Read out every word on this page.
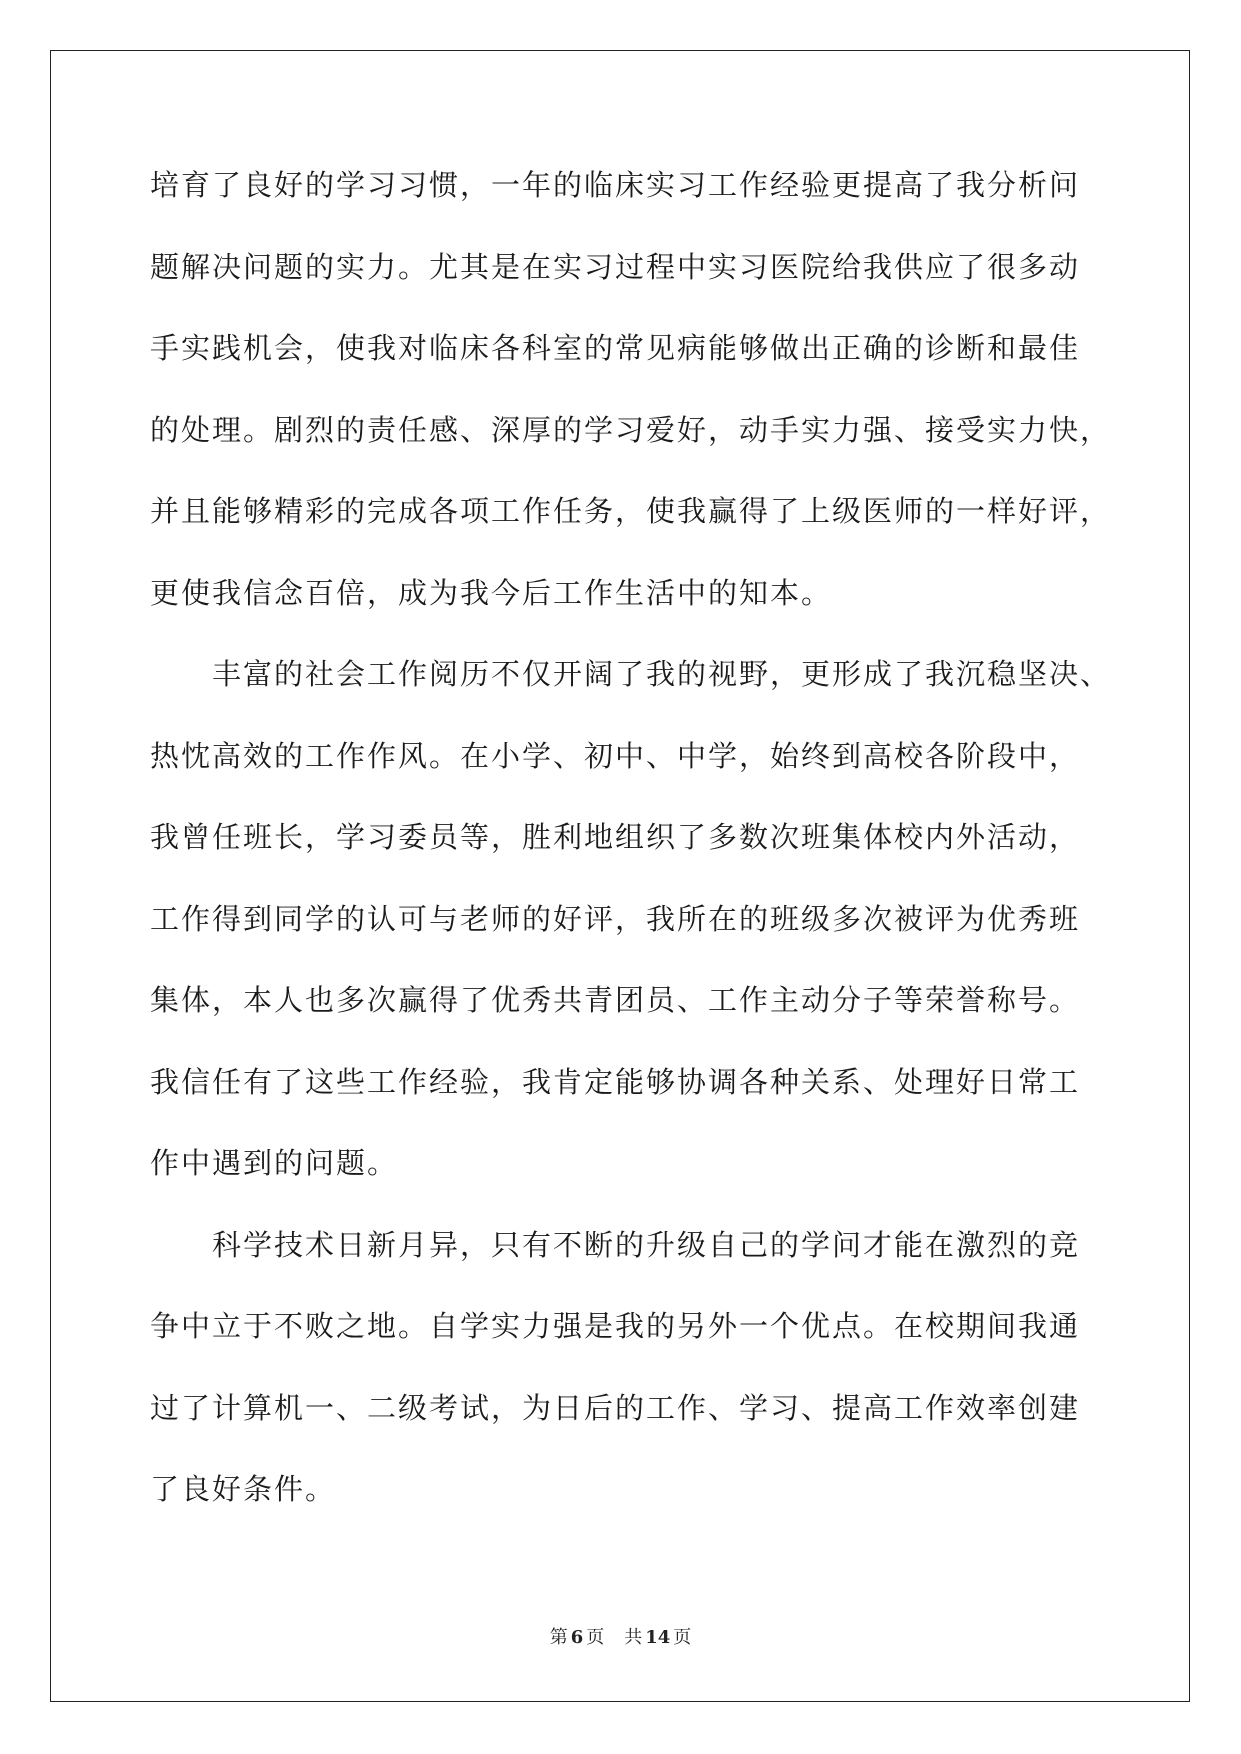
培育了良好的学习习惯，一年的临床实习工作经验更提高了我分析问
题解决问题的实力。尤其是在实习过程中实习医院给我供应了很多动
手实践机会，使我对临床各科室的常见病能够做出正确的诊断和最佳
的处理。剧烈的责任感、深厚的学习爱好，动手实力强、接受实力快，
并且能够精彩的完成各项工作任务，使我赢得了上级医师的一样好评，
更使我信念百倍，成为我今后工作生活中的知本。
　　丰富的社会工作阅历不仅开阔了我的视野，更形成了我沉稳坚决、
热忱高效的工作作风。在小学、初中、中学，始终到高校各阶段中，
我曾任班长，学习委员等，胜利地组织了多数次班集体校内外活动，
工作得到同学的认可与老师的好评，我所在的班级多次被评为优秀班
集体，本人也多次赢得了优秀共青团员、工作主动分子等荣誉称号。
我信任有了这些工作经验，我肯定能够协调各种关系、处理好日常工
作中遇到的问题。
　　科学技术日新月异，只有不断的升级自己的学问才能在激烈的竞
争中立于不败之地。自学实力强是我的另外一个优点。在校期间我通
过了计算机一、二级考试，为日后的工作、学习、提高工作效率创建
了良好条件。
第 6 页 共 14 页
